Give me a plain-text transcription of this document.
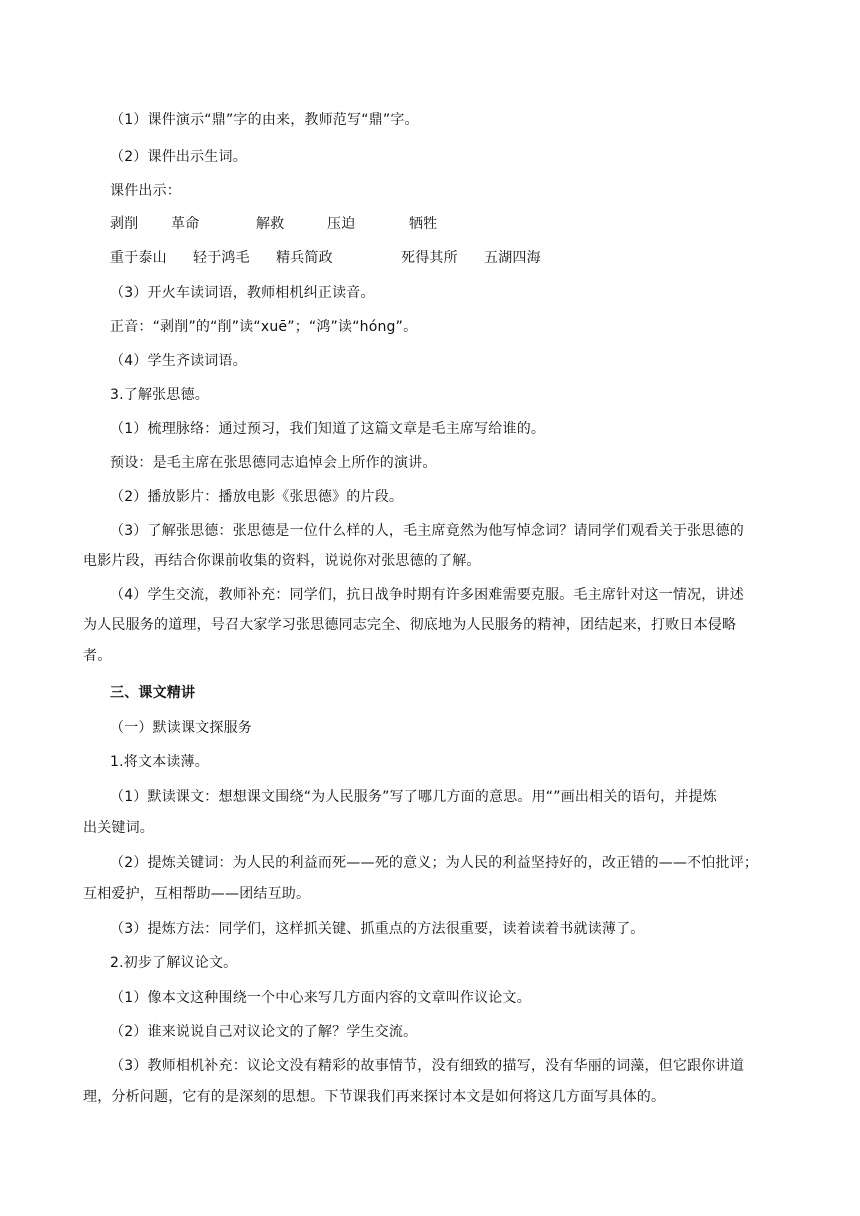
（1）课件演示“鼎”字的由来，教师范写“鼎”字。
（2）课件出示生词。
课件出示：
剥削 革命	解救	压迫	牺牲
重于泰山 轻于鸿毛 精兵简政	死得其所 五湖四海
（3）开火车读词语，教师相机纠正读音。
正音：“剥削”的“削”读“xuē”；“鸿”读“hóng”。
（4）学生齐读词语。
3.了解张思德。
（1）梳理脉络：通过预习，我们知道了这篇文章是毛主席写给谁的。
预设：是毛主席在张思德同志追悼会上所作的演讲。
（2）播放影片：播放电影《张思德》的片段。
（3）了解张思德：张思德是一位什么样的人，毛主席竟然为他写悼念词？请同学们观看关于张思德的
电影片段，再结合你课前收集的资料，说说你对张思德的了解。
（4）学生交流，教师补充：同学们，抗日战争时期有许多困难需要克服。毛主席针对这一情况，讲述
为人民服务的道理，号召大家学习张思德同志完全、彻底地为人民服务的精神，团结起来，打败日本侵略
者。
三、课文精讲
（一）默读课文探服务
1.将文本读薄。
（1）默读课文：想想课文围绕“为人民服务”写了哪几方面的意思。用“”画出相关的语句，并提炼
出关键词。
（2）提炼关键词：为人民的利益而死——死的意义；为人民的利益坚持好的，改正错的——不怕批评；
互相爱护，互相帮助——团结互助。
（3）提炼方法：同学们，这样抓关键、抓重点的方法很重要，读着读着书就读薄了。
2.初步了解议论文。
（1）像本文这种围绕一个中心来写几方面内容的文章叫作议论文。
（2）谁来说说自己对议论文的了解？学生交流。
（3）教师相机补充：议论文没有精彩的故事情节，没有细致的描写，没有华丽的词藻，但它跟你讲道
理，分析问题，它有的是深刻的思想。下节课我们再来探讨本文是如何将这几方面写具体的。
